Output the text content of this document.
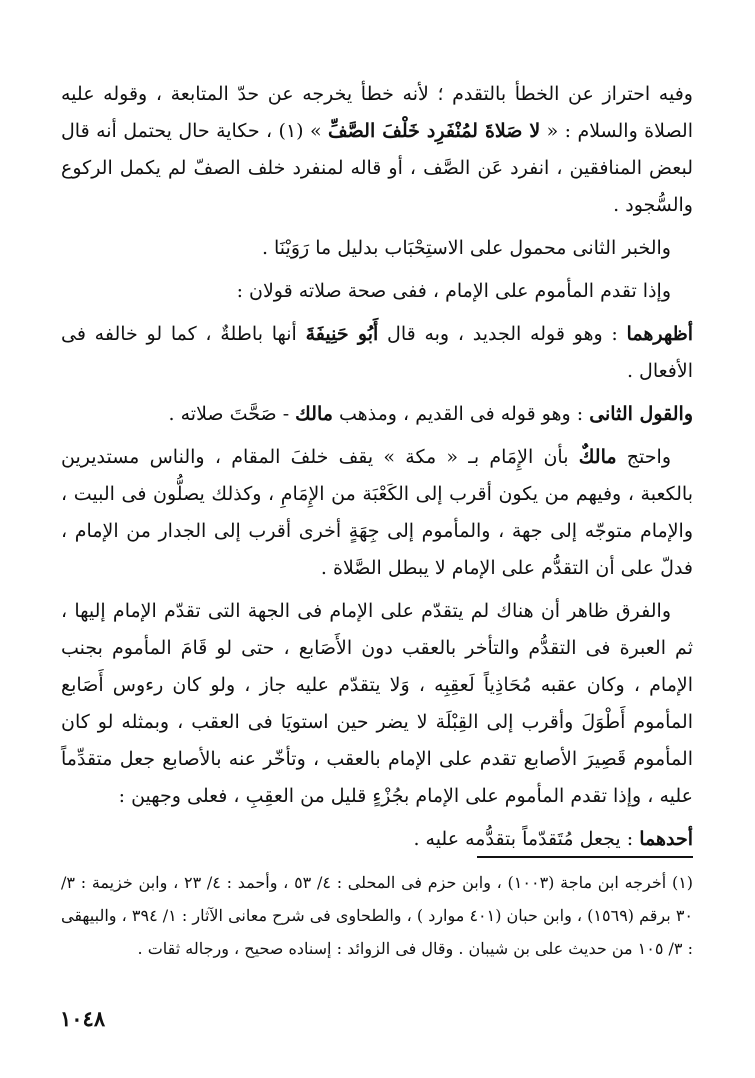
وفيه احتراز عن الخطأ بالتقدم ؛ لأنه خطأ يخرجه عن حدّ المتابعة ، وقوله عليه الصلاة والسلام : « لا صَلاةَ لمُنْفَرِد خَلْفَ الصَّفِّ » (١) ، حكاية حال يحتمل أنه قال لبعض المنافقين ، انفرد عَن الصَّف ، أو قاله لمنفرد خلف الصفّ لم يكمل الركوع والسُّجود .

والخبر الثانى محمول على الاستِحْبَاب بدليل ما رَوَيْنَا .

وإذا تقدم المأموم على الإمام ، ففى صحة صلاته قولان :

أظهرهما : وهو قوله الجديد ، وبه قال أَبُو حَنِيفَةَ أنها باطلةٌ ، كما لو خالفه فى الأفعال .

والقول الثانى : وهو قوله فى القديم ، ومذهب مالك - صَحَّتَ صلاته .

واحتج مالكٌ بأن الإِمَام بـ « مكة » يقف خلفَ المقام ، والناس مستديرين بالكعبة ، وفيهم من يكون أقرب إلى الكَعْبَة من الإِمَامِ ، وكذلك يصلُّون فى البيت ، والإمام متوجّه إلى جهة ، والمأموم إلى جِهَةٍ أخرى أقرب إلى الجدار من الإمام ، فدلّ على أن التقدُّم على الإمام لا يبطل الصَّلاة .

والفرق ظاهر أن هناك لم يتقدّم على الإمام فى الجهة التى تقدّم الإمام إليها ، ثم العبرة فى التقدُّم والتأخر بالعقب دون الأَصَابع ، حتى لو قَامَ المأموم بجنب الإمام ، وكان عقبه مُحَاذِياً لَعقِبِه ، وَلا يتقدّم عليه جاز ، ولو كان رءوس أَصَابع المأموم أَطْوَلَ وأقرب إلى القِبْلَة لا يضر حين استويَا فى العقب ، وبمثله لو كان المأموم قَصِيرَ الأصابع تقدم على الإمام بالعقب ، وتأخّر عنه بالأصابع جعل متقدِّماً عليه ، وإذا تقدم المأموم على الإمام بجُزْءٍ قليل من العقِبِ ، فعلى وجهين :

أحدهما : يجعل مُتَقدّماً بتقدُّمه عليه .

(١) أخرجه ابن ماجة (١٠٠٣) ، وابن حزم فى المحلى : ٤/ ٥٣ ، وأحمد : ٤/ ٢٣ ، وابن خزيمة : ٣/ ٣٠ برقم (١٥٦٩) ، وابن حبان (٤٠١ موارد ) ، والطحاوى فى شرح معانى الآثار : ١/ ٣٩٤ ، والبيهقى : ٣/ ١٠٥ من حديث على بن شيبان . وقال فى الزوائد : إسناده صحيح ، ورجاله ثقات .

١٠٤٨
